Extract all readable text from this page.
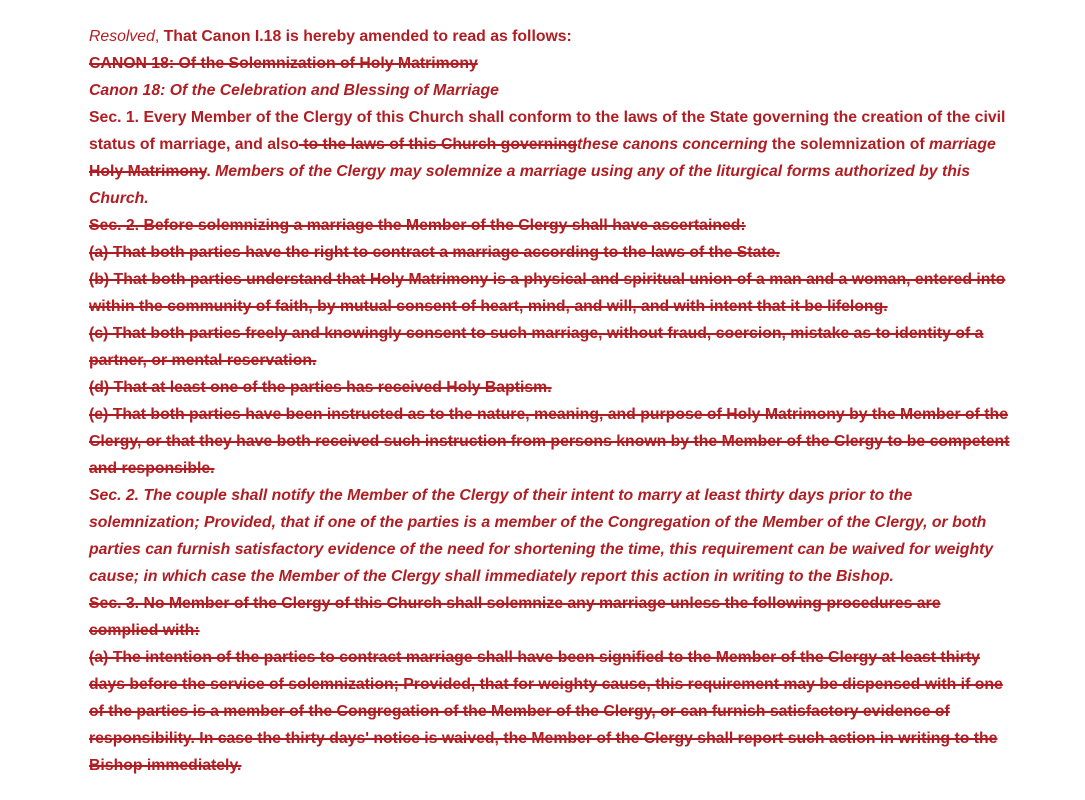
Resolved, That Canon I.18 is hereby amended to read as follows:

CANON 18: Of the Solemnization of Holy Matrimony

Canon 18: Of the Celebration and Blessing of Marriage

Sec. 1. Every Member of the Clergy of this Church shall conform to the laws of the State governing the creation of the civil status of marriage, and also to the laws of this Church governingthese canons concerning the solemnization of marriage Holy Matrimony. Members of the Clergy may solemnize a marriage using any of the liturgical forms authorized by this Church.

Sec. 2. Before solemnizing a marriage the Member of the Clergy shall have ascertained:

(a) That both parties have the right to contract a marriage according to the laws of the State.

(b) That both parties understand that Holy Matrimony is a physical and spiritual union of a man and a woman, entered into within the community of faith, by mutual consent of heart, mind, and will, and with intent that it be lifelong.

(c) That both parties freely and knowingly consent to such marriage, without fraud, coercion, mistake as to identity of a partner, or mental reservation.

(d) That at least one of the parties has received Holy Baptism.

(e) That both parties have been instructed as to the nature, meaning, and purpose of Holy Matrimony by the Member of the Clergy, or that they have both received such instruction from persons known by the Member of the Clergy to be competent and responsible.

Sec. 2. The couple shall notify the Member of the Clergy of their intent to marry at least thirty days prior to the solemnization; Provided, that if one of the parties is a member of the Congregation of the Member of the Clergy, or both parties can furnish satisfactory evidence of the need for shortening the time, this requirement can be waived for weighty cause; in which case the Member of the Clergy shall immediately report this action in writing to the Bishop.

Sec. 3. No Member of the Clergy of this Church shall solemnize any marriage unless the following procedures are complied with:

(a) The intention of the parties to contract marriage shall have been signified to the Member of the Clergy at least thirty days before the service of solemnization; Provided, that for weighty cause, this requirement may be dispensed with if one of the parties is a member of the Congregation of the Member of the Clergy, or can furnish satisfactory evidence of responsibility. In case the thirty days' notice is waived, the Member of the Clergy shall report such action in writing to the Bishop immediately.
